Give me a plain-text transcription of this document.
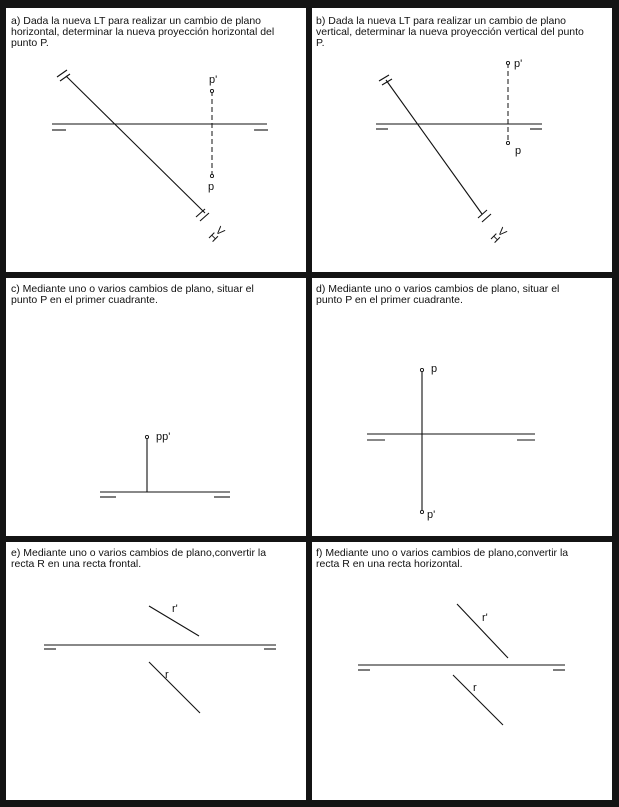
a) Dada la nueva LT para realizar un cambio de plano horizontal, determinar la nueva proyección horizontal del punto P.
V
H
p'
p
b) Dada la nueva LT para realizar un cambio de plano vertical, determinar la nueva proyección vertical del punto P.
V
H
p'
p
c) Mediante uno o varios cambios de plano, situar el punto P en el primer cuadrante.
pp'
d) Mediante uno o varios cambios de plano, situar el punto P en el primer cuadrante.
p
p'
e) Mediante uno o varios cambios de plano,convertir la recta R en una recta frontal.
r'
r
f) Mediante uno o varios cambios de plano,convertir la recta R en una recta horizontal.
r'
r
